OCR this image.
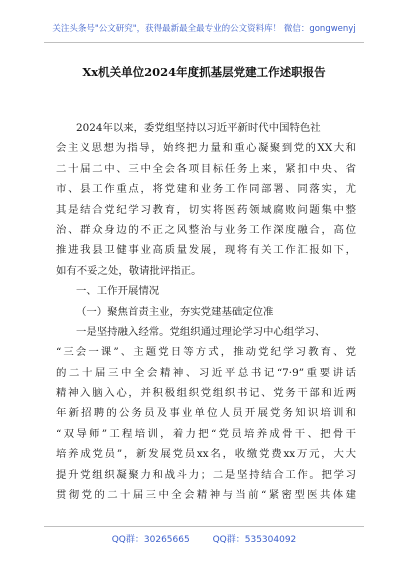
关注头条号"公文研究"，获得最新最全最专业的公文资料库！ 微信：gongwenyj
Xx机关单位2024年度抓基层党建工作述职报告
2024年以来，委党组坚持以习近平新时代中国特色社
会主义思想为指导，始终把力量和重心凝聚到党的XX大和
二十届二中、三中全会各项目标任务上来，紧扣中央、省
市、县工作重点，将党建和业务工作同部署、同落实，尤
其是结合党纪学习教育，切实将医药领域腐败问题集中整
治、群众身边的不正之风整治与业务工作深度融合，高位
推进我县卫健事业高质量发展，现将有关工作汇报如下，
如有不妥之处，敬请批评指正。
一、工作开展情况
（一）聚焦首责主业，夯实党建基础定位准
一是坚持融入经常。党组织通过理论学习中心组学习、
“三会一课”、主题党日等方式，推动党纪学习教育、党
的二十届三中全会精神、习近平总书记“7·9”重要讲话
精神入脑入心，并积极组织党组织书记、党务干部和近两
年新招聘的公务员及事业单位人员开展党务知识培训和
“双导师”工程培训，着力把“党员培养成骨干、把骨干
培养成党员”，新发展党员xx名，收缴党费xx万元，大大
提升党组织凝聚力和战斗力；二是坚持结合工作。把学习
贯彻党的二十届三中全会精神与当前“紧密型医共体建
QQ群：30265665	QQ群：535304092
